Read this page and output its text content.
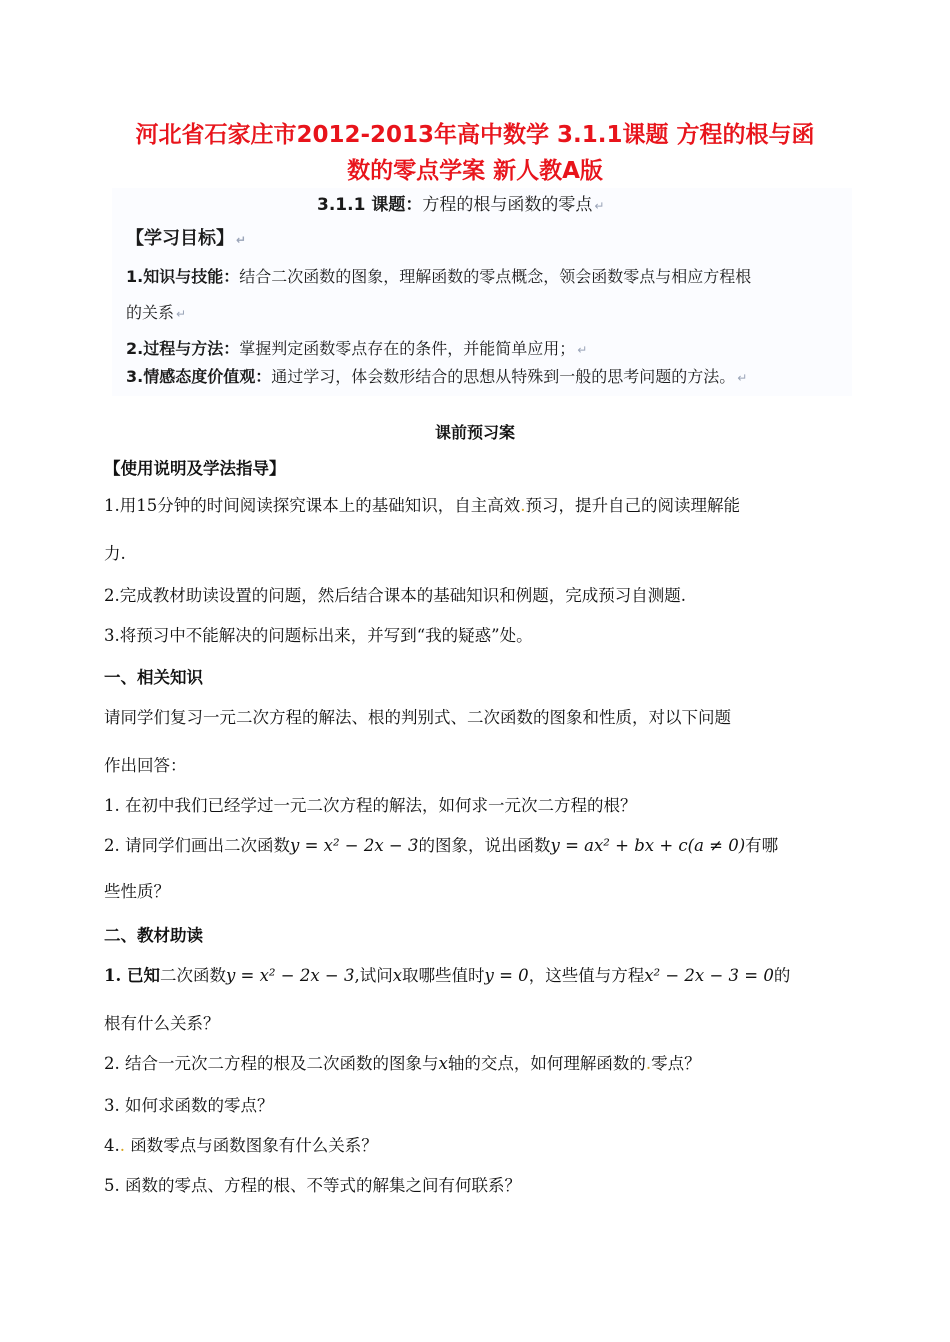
河北省石家庄市2012-2013年高中数学 3.1.1课题 方程的根与函
数的零点学案 新人教A版
3.1.1 课题：方程的根与函数的零点 ↵
【学习目标】 ↵
1.知识与技能：结合二次函数的图象，理解函数的零点概念，领会函数零点与相应方程根
的关系 ↵
2.过程与方法：掌握判定函数零点存在的条件，并能简单应用； ↵
3.情感态度价值观：通过学习，体会数形结合的思想从特殊到一般的思考问题的方法。 ↵
课前预习案
【使用说明及学法指导】
1.用15分钟的时间阅读探究课本上的基础知识，自主高效.预习，提升自己的阅读理解能
力.
2.完成教材助读设置的问题，然后结合课本的基础知识和例题，完成预习自测题.
3.将预习中不能解决的问题标出来，并写到“我的疑惑”处。
一、相关知识
请同学们复习一元二次方程的解法、根的判别式、二次函数的图象和性质，对以下问题
作出回答：
1. 在初中我们已经学过一元二次方程的解法，如何求一元次二方程的根？
2. 请同学们画出二次函数y = x² − 2x − 3的图象，说出函数y = ax² + bx + c(a ≠ 0)有哪
些性质？
二、教材助读
1. 已知二次函数y = x² − 2x − 3,试问x取哪些值时y = 0，这些值与方程x² − 2x − 3 = 0的
根有什么关系？
2. 结合一元次二方程的根及二次函数的图象与x轴的交点，如何理解函数的.零点？
3. 如何求函数的零点？
4.. 函数零点与函数图象有什么关系？
5. 函数的零点、方程的根、不等式的解集之间有何联系？
